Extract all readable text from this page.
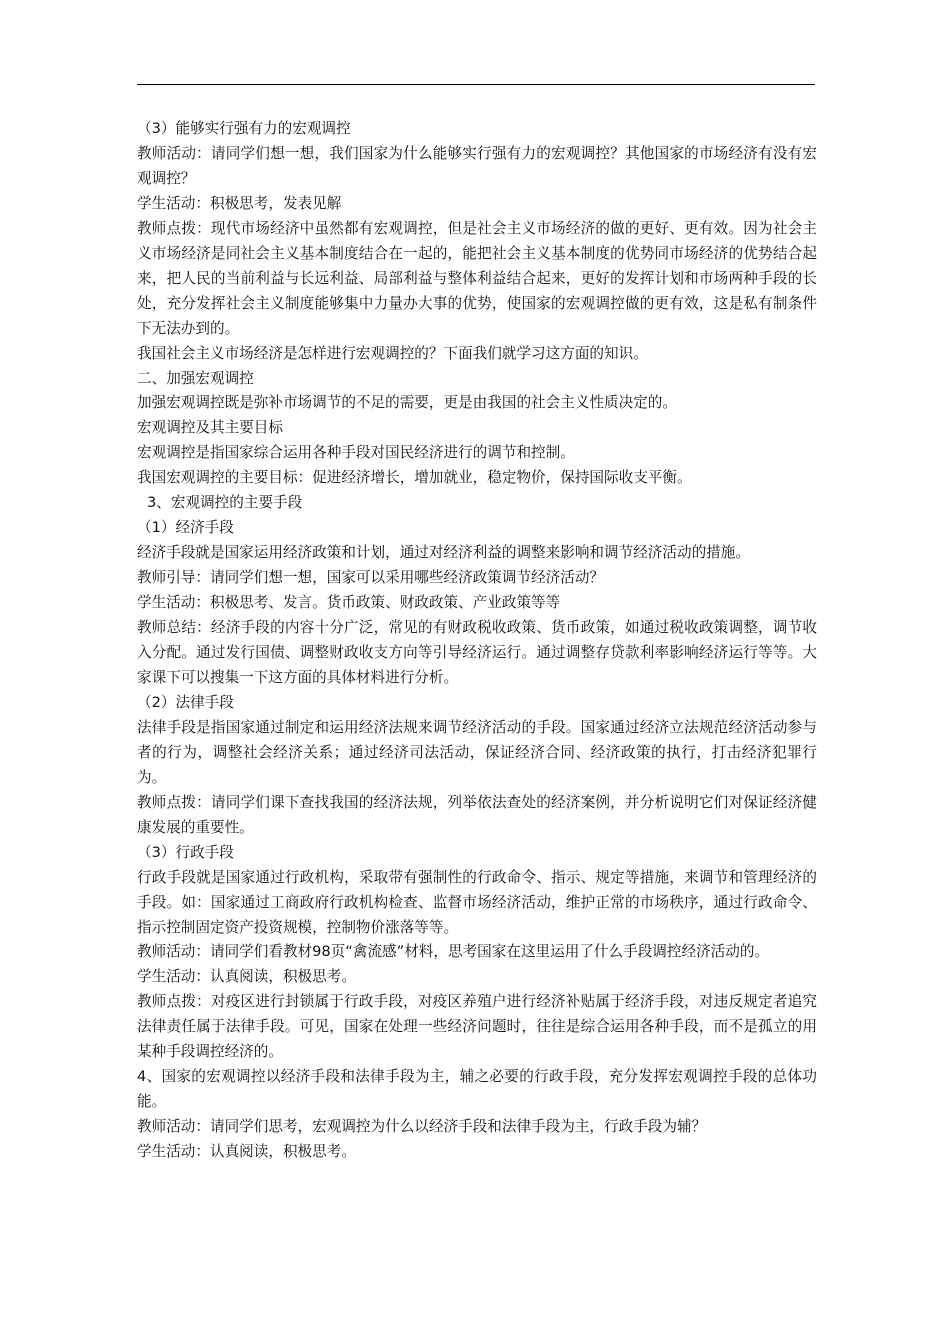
（3）能够实行强有力的宏观调控

教师活动：请同学们想一想，我们国家为什么能够实行强有力的宏观调控？其他国家的市场经济有没有宏观调控？

学生活动：积极思考，发表见解

教师点拨：现代市场经济中虽然都有宏观调控，但是社会主义市场经济的做的更好、更有效。因为社会主义市场经济是同社会主义基本制度结合在一起的，能把社会主义基本制度的优势同市场经济的优势结合起来，把人民的当前利益与长远利益、局部利益与整体利益结合起来，更好的发挥计划和市场两种手段的长处，充分发挥社会主义制度能够集中力量办大事的优势，使国家的宏观调控做的更有效，这是私有制条件下无法办到的。

我国社会主义市场经济是怎样进行宏观调控的？下面我们就学习这方面的知识。

二、加强宏观调控

加强宏观调控既是弥补市场调节的不足的需要，更是由我国的社会主义性质决定的。

宏观调控及其主要目标

宏观调控是指国家综合运用各种手段对国民经济进行的调节和控制。

我国宏观调控的主要目标：促进经济增长，增加就业，稳定物价，保持国际收支平衡。

3、宏观调控的主要手段

（1）经济手段

经济手段就是国家运用经济政策和计划，通过对经济利益的调整来影响和调节经济活动的措施。

教师引导：请同学们想一想，国家可以采用哪些经济政策调节经济活动？

学生活动：积极思考、发言。货币政策、财政政策、产业政策等等

教师总结：经济手段的内容十分广泛，常见的有财政税收政策、货币政策，如通过税收政策调整，调节收入分配。通过发行国债、调整财政收支方向等引导经济运行。通过调整存贷款利率影响经济运行等等。大家课下可以搜集一下这方面的具体材料进行分析。

（2）法律手段

法律手段是指国家通过制定和运用经济法规来调节经济活动的手段。国家通过经济立法规范经济活动参与者的行为，调整社会经济关系；通过经济司法活动，保证经济合同、经济政策的执行，打击经济犯罪行为。

教师点拨：请同学们课下查找我国的经济法规，列举依法查处的经济案例，并分析说明它们对保证经济健康发展的重要性。

（3）行政手段

行政手段就是国家通过行政机构，采取带有强制性的行政命令、指示、规定等措施，来调节和管理经济的手段。如：国家通过工商政府行政机构检查、监督市场经济活动，维护正常的市场秩序，通过行政命令、指示控制固定资产投资规模，控制物价涨落等等。

教师活动：请同学们看教材98页“禽流感”材料，思考国家在这里运用了什么手段调控经济活动的。

学生活动：认真阅读，积极思考。

教师点拨：对疫区进行封锁属于行政手段，对疫区养殖户进行经济补贴属于经济手段，对违反规定者追究法律责任属于法律手段。可见，国家在处理一些经济问题时，往往是综合运用各种手段，而不是孤立的用某种手段调控经济的。

4、国家的宏观调控以经济手段和法律手段为主，辅之必要的行政手段，充分发挥宏观调控手段的总体功能。

教师活动：请同学们思考，宏观调控为什么以经济手段和法律手段为主，行政手段为辅？

学生活动：认真阅读，积极思考。
